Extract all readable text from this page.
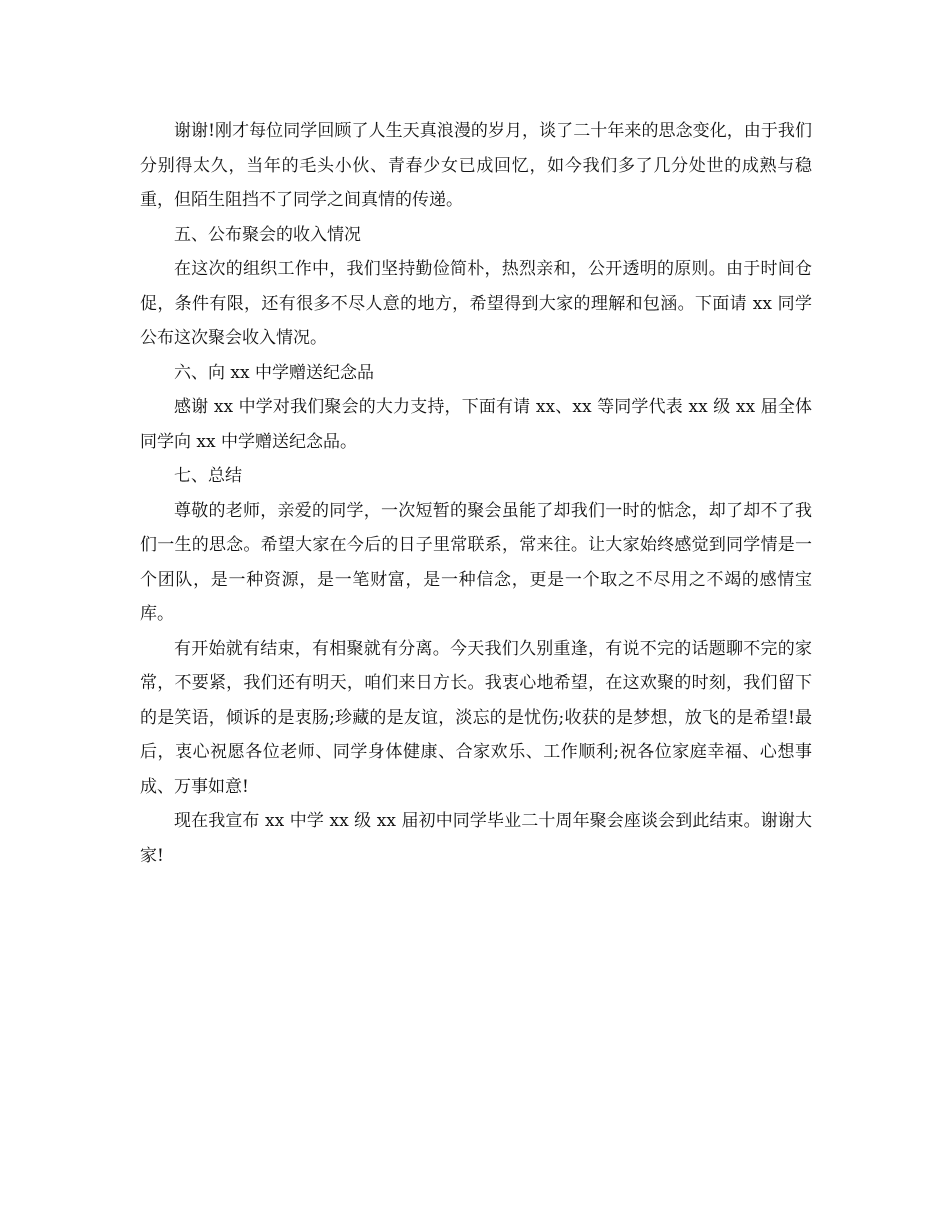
谢谢!刚才每位同学回顾了人生天真浪漫的岁月，谈了二十年来的思念变化，由于我们分别得太久，当年的毛头小伙、青春少女已成回忆，如今我们多了几分处世的成熟与稳重，但陌生阻挡不了同学之间真情的传递。

五、公布聚会的收入情况

在这次的组织工作中，我们坚持勤俭简朴，热烈亲和，公开透明的原则。由于时间仓促，条件有限，还有很多不尽人意的地方，希望得到大家的理解和包涵。下面请 xx 同学公布这次聚会收入情况。

六、向 xx 中学赠送纪念品

感谢 xx 中学对我们聚会的大力支持，下面有请 xx、xx 等同学代表 xx 级 xx 届全体同学向 xx 中学赠送纪念品。

七、总结

尊敬的老师，亲爱的同学，一次短暂的聚会虽能了却我们一时的惦念，却了却不了我们一生的思念。希望大家在今后的日子里常联系，常来往。让大家始终感觉到同学情是一个团队，是一种资源，是一笔财富，是一种信念，更是一个取之不尽用之不竭的感情宝库。

有开始就有结束，有相聚就有分离。今天我们久别重逢，有说不完的话题聊不完的家常，不要紧，我们还有明天，咱们来日方长。我衷心地希望，在这欢聚的时刻，我们留下的是笑语，倾诉的是衷肠;珍藏的是友谊，淡忘的是忧伤;收获的是梦想，放飞的是希望!最后，衷心祝愿各位老师、同学身体健康、合家欢乐、工作顺利;祝各位家庭幸福、心想事成、万事如意!

现在我宣布 xx 中学 xx 级 xx 届初中同学毕业二十周年聚会座谈会到此结束。谢谢大家!
